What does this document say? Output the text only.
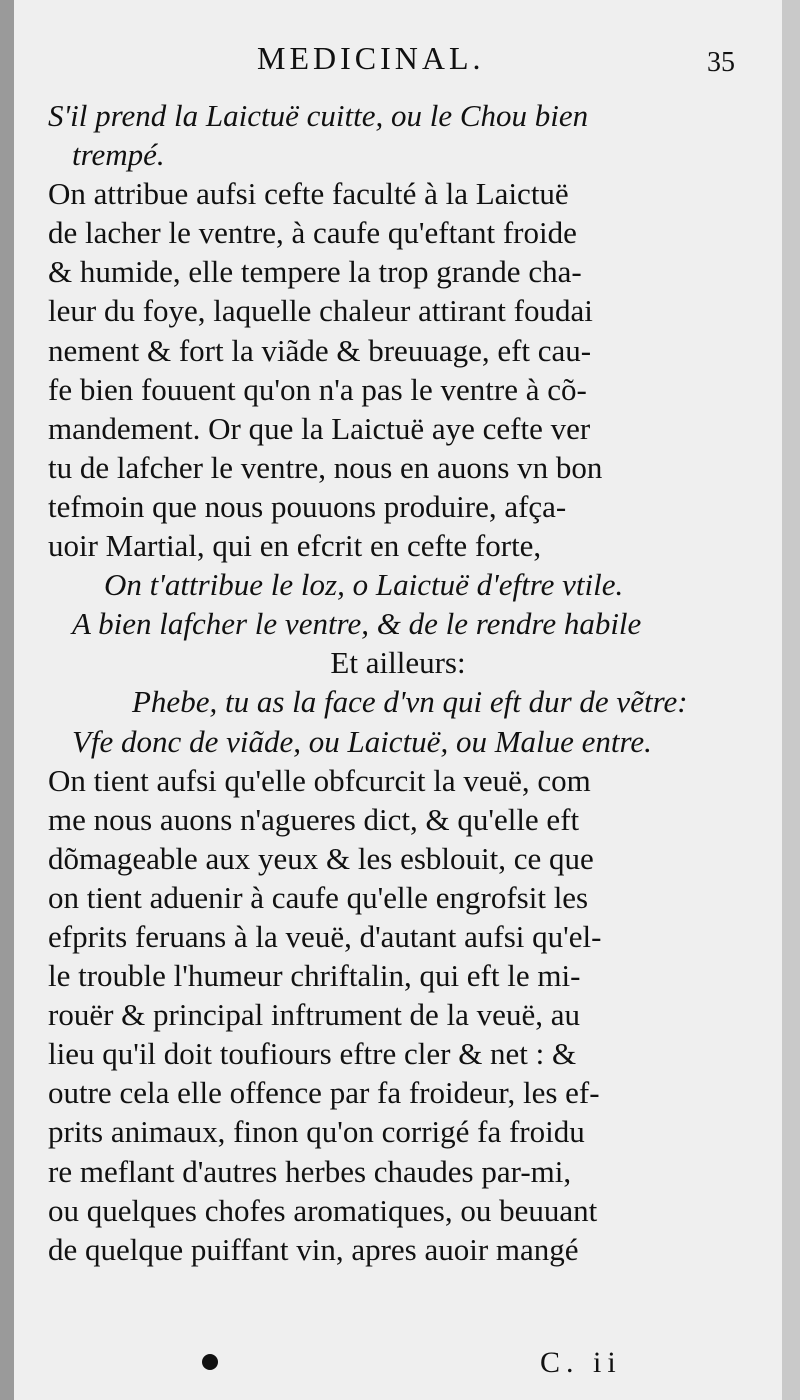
MEDICINAL.	35
S'il prend la Laictuë cuitte, ou le Chou bien
trempé.
On attribue aufsi cefte faculté à la Laictuë
de lacher le ventre, à caufe qu'eftant froide
& humide, elle tempere la trop grande cha-
leur du foye, laquelle chaleur attirant foudai
nement & fort la viãde & breuuage, eft cau-
fe bien fouuent qu'on n'a pas le ventre à cõ-
mandement. Or que la Laictuë aye cefte ver
tu de lafcher le ventre, nous en auons vn bon
tefmoin que nous pouuons produire, afça-
uoir Martial, qui en efcrit en cefte forte,
On t'attribue le loz, o Laictuë d'eftre vtile.
A bien lafcher le ventre, & de le rendre habile
Et ailleurs:
Phebe, tu as la face d'vn qui eft dur de vẽtre:
Vfe donc de viãde, ou Laictuë, ou Malue entre.
On tient aufsi qu'elle obfcurcit la veuë, com
me nous auons n'agueres dict, & qu'elle eft
dõmageable aux yeux & les esblouit, ce que
on tient aduenir à caufe qu'elle engrofsit les
efprits feruans à la veuë, d'autant aufsi qu'el-
le trouble l'humeur chriftalin, qui eft le mi-
rouër & principal inftrument de la veuë, au
lieu qu'il doit toufiours eftre cler & net : &
outre cela elle offence par fa froideur, les ef-
prits animaux, finon qu'on corrigé fa froidu
re meflant d'autres herbes chaudes par-mi,
ou quelques chofes aromatiques, ou beuuant
de quelque puiffant vin, apres auoir mangé
C. ii
